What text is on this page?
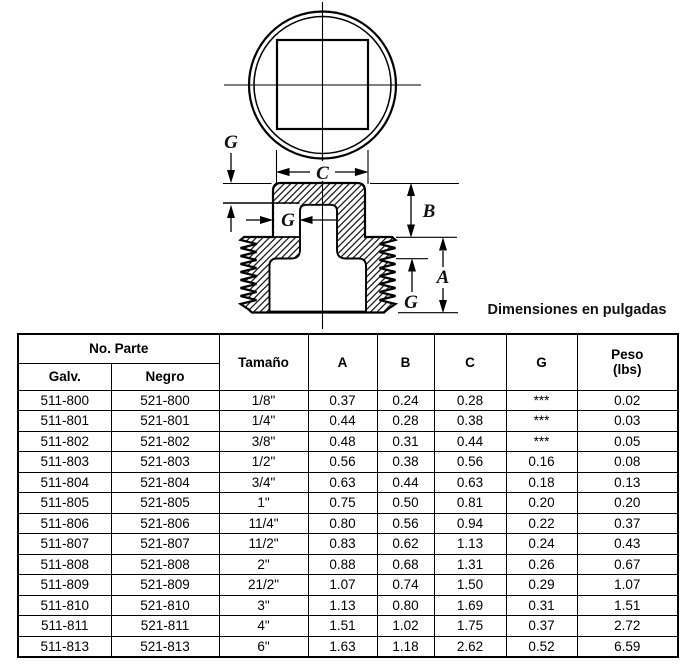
C
G
G	B
A
G	Dimensiones en pulgadas
No. Parte		Tamaño	A	B	C	G	Peso
(lbs)

Galv.	Negro						
511-800	521-800	1/8"	0.37	0.24	0.28	***	0.02
511-801	521-801	1/4"	0.44	0.28	0.38	***	0.03
511-802	521-802	3/8"	0.48	0.31	0.44	***	0.05
511-803	521-803	1/2"	0.56	0.38	0.56	0.16	0.08
511-804	521-804	3/4"	0.63	0.44	0.63	0.18	0.13
511-805	521-805	1"	0.75	0.50	0.81	0.20	0.20
511-806	521-806	11/4"	0.80	0.56	0.94	0.22	0.37
511-807	521-807	11/2"	0.83	0.62	1.13	0.24	0.43
511-808	521-808	2"	0.88	0.68	1.31	0.26	0.67
511-809	521-809	21/2"	1.07	0.74	1.50	0.29	1.07
511-810	521-810	3"	1.13	0.80	1.69	0.31	1.51
511-811	521-811	4"	1.51	1.02	1.75	0.37	2.72
511-813	521-813	6"	1.63	1.18	2.62	0.52	6.59
